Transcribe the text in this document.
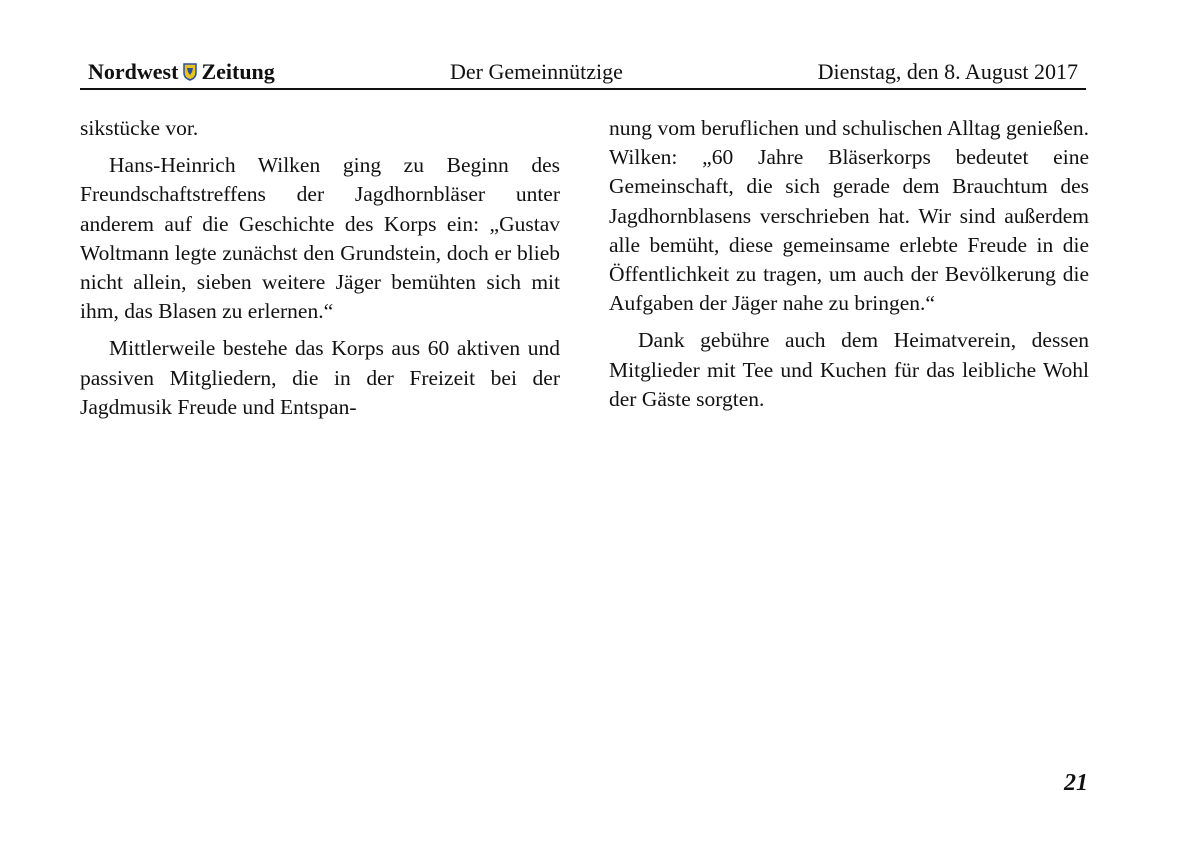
Nordwest Zeitung	Der Gemeinnützige	Dienstag, den 8. August 2017

sikstücke vor.

Hans-Heinrich Wilken ging zu Beginn des Freundschaftstreffens der Jagdhornbläser unter anderem auf die Geschichte des Korps ein: „Gustav Woltmann legte zunächst den Grundstein, doch er blieb nicht allein, sieben weitere Jäger bemühten sich mit ihm, das Blasen zu erlernen.“

Mittlerweile bestehe das Korps aus 60 aktiven und passiven Mitgliedern, die in der Freizeit bei der Jagdmusik Freude und Entspan-

nung vom beruflichen und schulischen Alltag genießen. Wilken: „60 Jahre Bläserkorps bedeutet eine Gemeinschaft, die sich gerade dem Brauchtum des Jagdhornblasens verschrieben hat. Wir sind außerdem alle bemüht, diese gemeinsame erlebte Freude in die Öffentlichkeit zu tragen, um auch der Bevölkerung die Aufgaben der Jäger nahe zu bringen.“

Dank gebühre auch dem Heimatverein, dessen Mitglieder mit Tee und Kuchen für das leibliche Wohl der Gäste sorgten.

21
